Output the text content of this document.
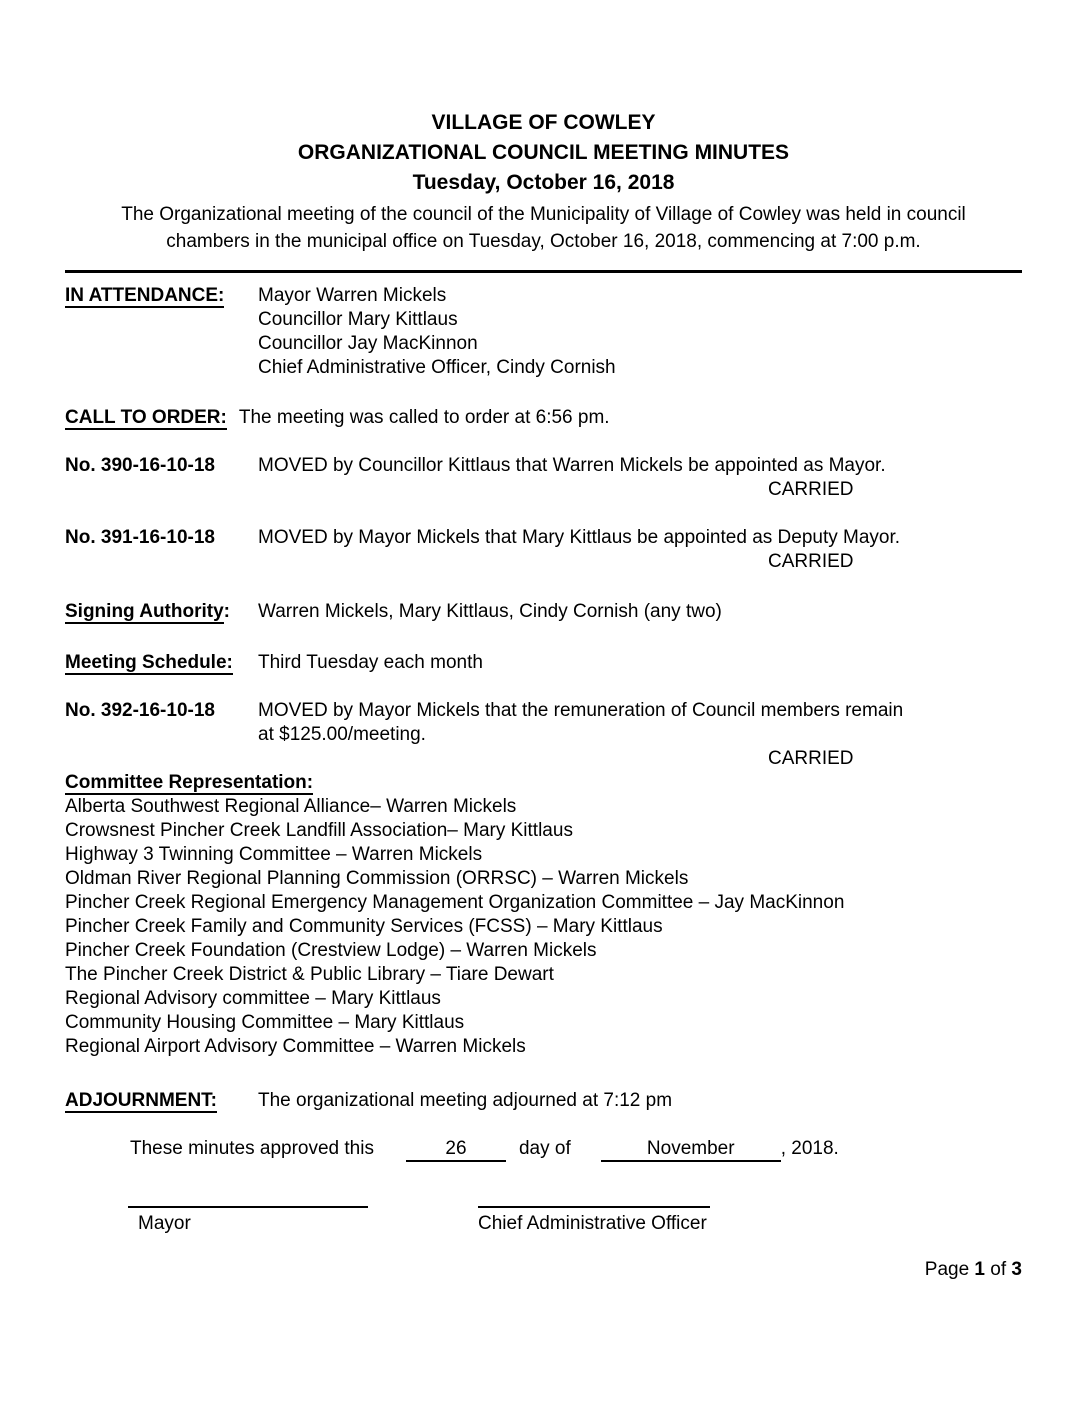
VILLAGE OF COWLEY
ORGANIZATIONAL COUNCIL MEETING MINUTES
Tuesday, October 16, 2018
The Organizational meeting of the council of the Municipality of Village of Cowley was held in council chambers in the municipal office on Tuesday, October 16, 2018, commencing at 7:00 p.m.
IN ATTENDANCE:	Mayor Warren Mickels
Councillor Mary Kittlaus
Councillor Jay MacKinnon
Chief Administrative Officer, Cindy Cornish
CALL TO ORDER: The meeting was called to order at 6:56 pm.
No. 390-16-10-18	MOVED by Councillor Kittlaus that Warren Mickels be appointed as Mayor.
CARRIED
No. 391-16-10-18	MOVED by Mayor Mickels that Mary Kittlaus be appointed as Deputy Mayor.
CARRIED
Signing Authority:	Warren Mickels, Mary Kittlaus, Cindy Cornish (any two)
Meeting Schedule:	Third Tuesday each month
No. 392-16-10-18	MOVED by Mayor Mickels that the remuneration of Council members remain at $125.00/meeting.
CARRIED
Committee Representation:
Alberta Southwest Regional Alliance– Warren Mickels
Crowsnest Pincher Creek Landfill Association– Mary Kittlaus
Highway 3 Twinning Committee – Warren Mickels
Oldman River Regional Planning Commission (ORRSC) – Warren Mickels
Pincher Creek Regional Emergency Management Organization Committee – Jay MacKinnon
Pincher Creek Family and Community Services (FCSS) – Mary Kittlaus
Pincher Creek Foundation (Crestview Lodge) – Warren Mickels
The Pincher Creek District & Public Library – Tiare Dewart
Regional Advisory committee – Mary Kittlaus
Community Housing Committee – Mary Kittlaus
Regional Airport Advisory Committee – Warren Mickels
ADJOURNMENT:	The organizational meeting adjourned at 7:12 pm
These minutes approved this	26	day of	November , 2018.
Mayor	Chief Administrative Officer
Page 1 of 3
